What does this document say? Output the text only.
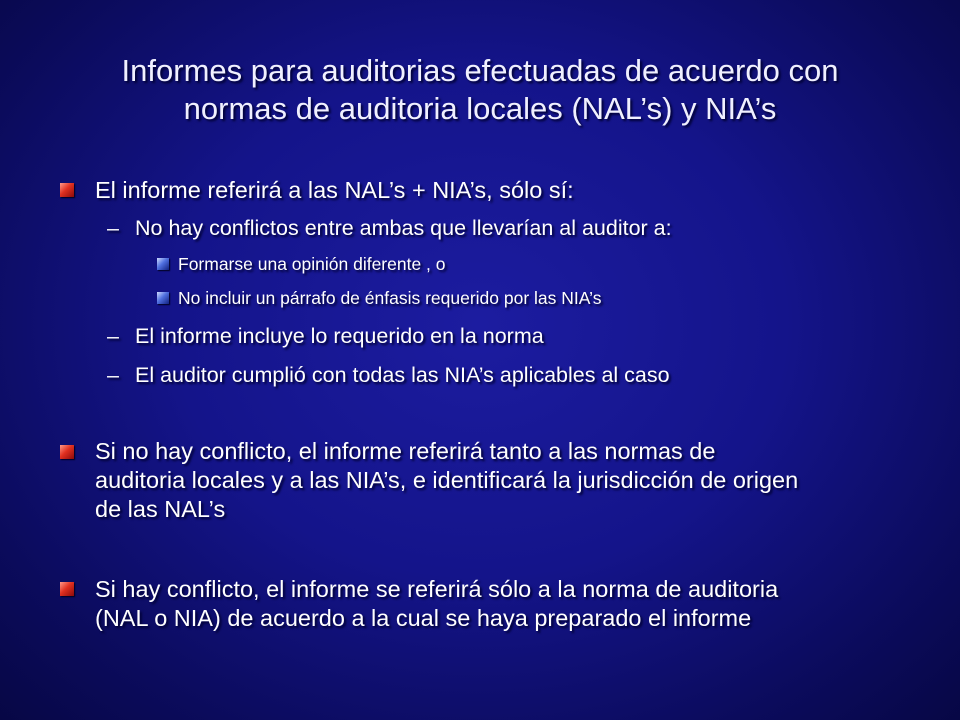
Informes para auditorias efectuadas de acuerdo con
normas de auditoria locales (NAL’s) y NIA’s
El informe referirá a las NAL’s + NIA’s, sólo sí:
– No hay conflictos entre ambas que llevarían al auditor a:
Formarse una opinión diferente , o
No incluir un párrafo de énfasis requerido por las NIA’s
– El informe incluye lo requerido en la norma
– El auditor cumplió con todas las NIA’s aplicables al caso
Si no hay conflicto, el informe referirá tanto a las normas de
auditoria locales y a las NIA’s, e identificará la jurisdicción de origen
de las NAL’s
Si hay conflicto, el informe se referirá sólo a la norma de auditoria
(NAL o NIA) de acuerdo a la cual se haya preparado el informe
